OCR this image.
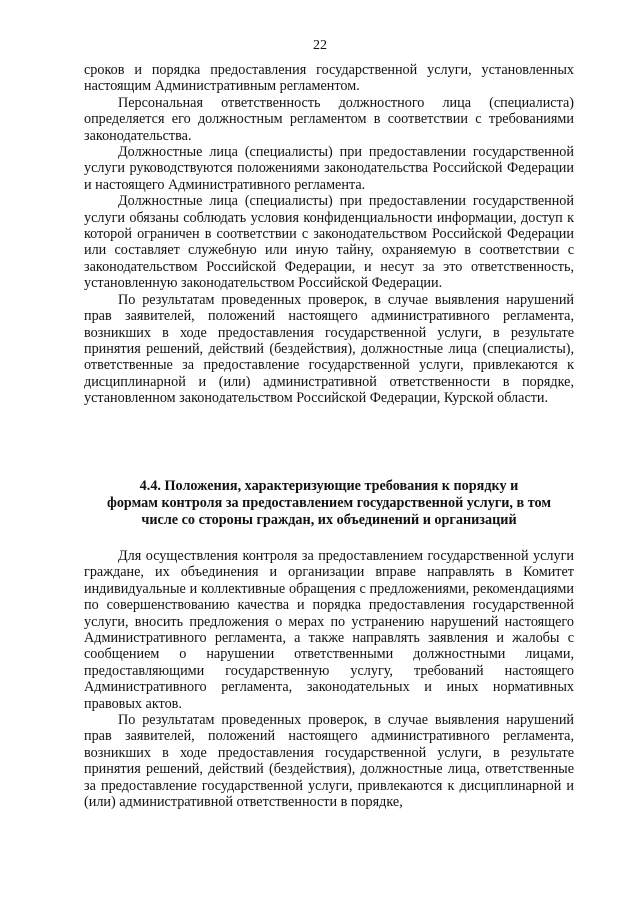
22

сроков и порядка предоставления государственной услуги, установленных настоящим Административным регламентом.

Персональная ответственность должностного лица (специалиста) определяется его должностным регламентом в соответствии с требованиями законодательства.

Должностные лица (специалисты) при предоставлении государственной услуги руководствуются положениями законодательства Российской Федерации и настоящего Административного регламента.

Должностные лица (специалисты) при предоставлении государственной услуги обязаны соблюдать условия конфиденциальности информации, доступ к которой ограничен в соответствии с законодательством Российской Федерации или составляет служебную или иную тайну, охраняемую в соответствии с законодательством Российской Федерации, и несут за это ответственность, установленную законодательством Российской Федерации.

По результатам проведенных проверок, в случае выявления нарушений прав заявителей, положений настоящего административного регламента, возникших в ходе предоставления государственной услуги, в результате принятия решений, действий (бездействия), должностные лица (специалисты), ответственные за предоставление государственной услуги, привлекаются к дисциплинарной и (или) административной ответственности в порядке, установленном законодательством Российской Федерации, Курской области.

4.4. Положения, характеризующие требования к порядку и
формам контроля за предоставлением государственной услуги, в том
числе со стороны граждан, их объединений и организаций

Для осуществления контроля за предоставлением государственной услуги граждане, их объединения и организации вправе направлять в Комитет индивидуальные и коллективные обращения с предложениями, рекомендациями по совершенствованию качества и порядка предоставления государственной услуги, вносить предложения о мерах по устранению нарушений настоящего Административного регламента, а также направлять заявления и жалобы с сообщением о нарушении ответственными должностными лицами, предоставляющими государственную услугу, требований настоящего Административного регламента, законодательных и иных нормативных правовых актов.

По результатам проведенных проверок, в случае выявления нарушений прав заявителей, положений настоящего административного регламента, возникших в ходе предоставления государственной услуги, в результате принятия решений, действий (бездействия), должностные лица, ответственные за предоставление государственной услуги, привлекаются к дисциплинарной и (или) административной ответственности в порядке,
